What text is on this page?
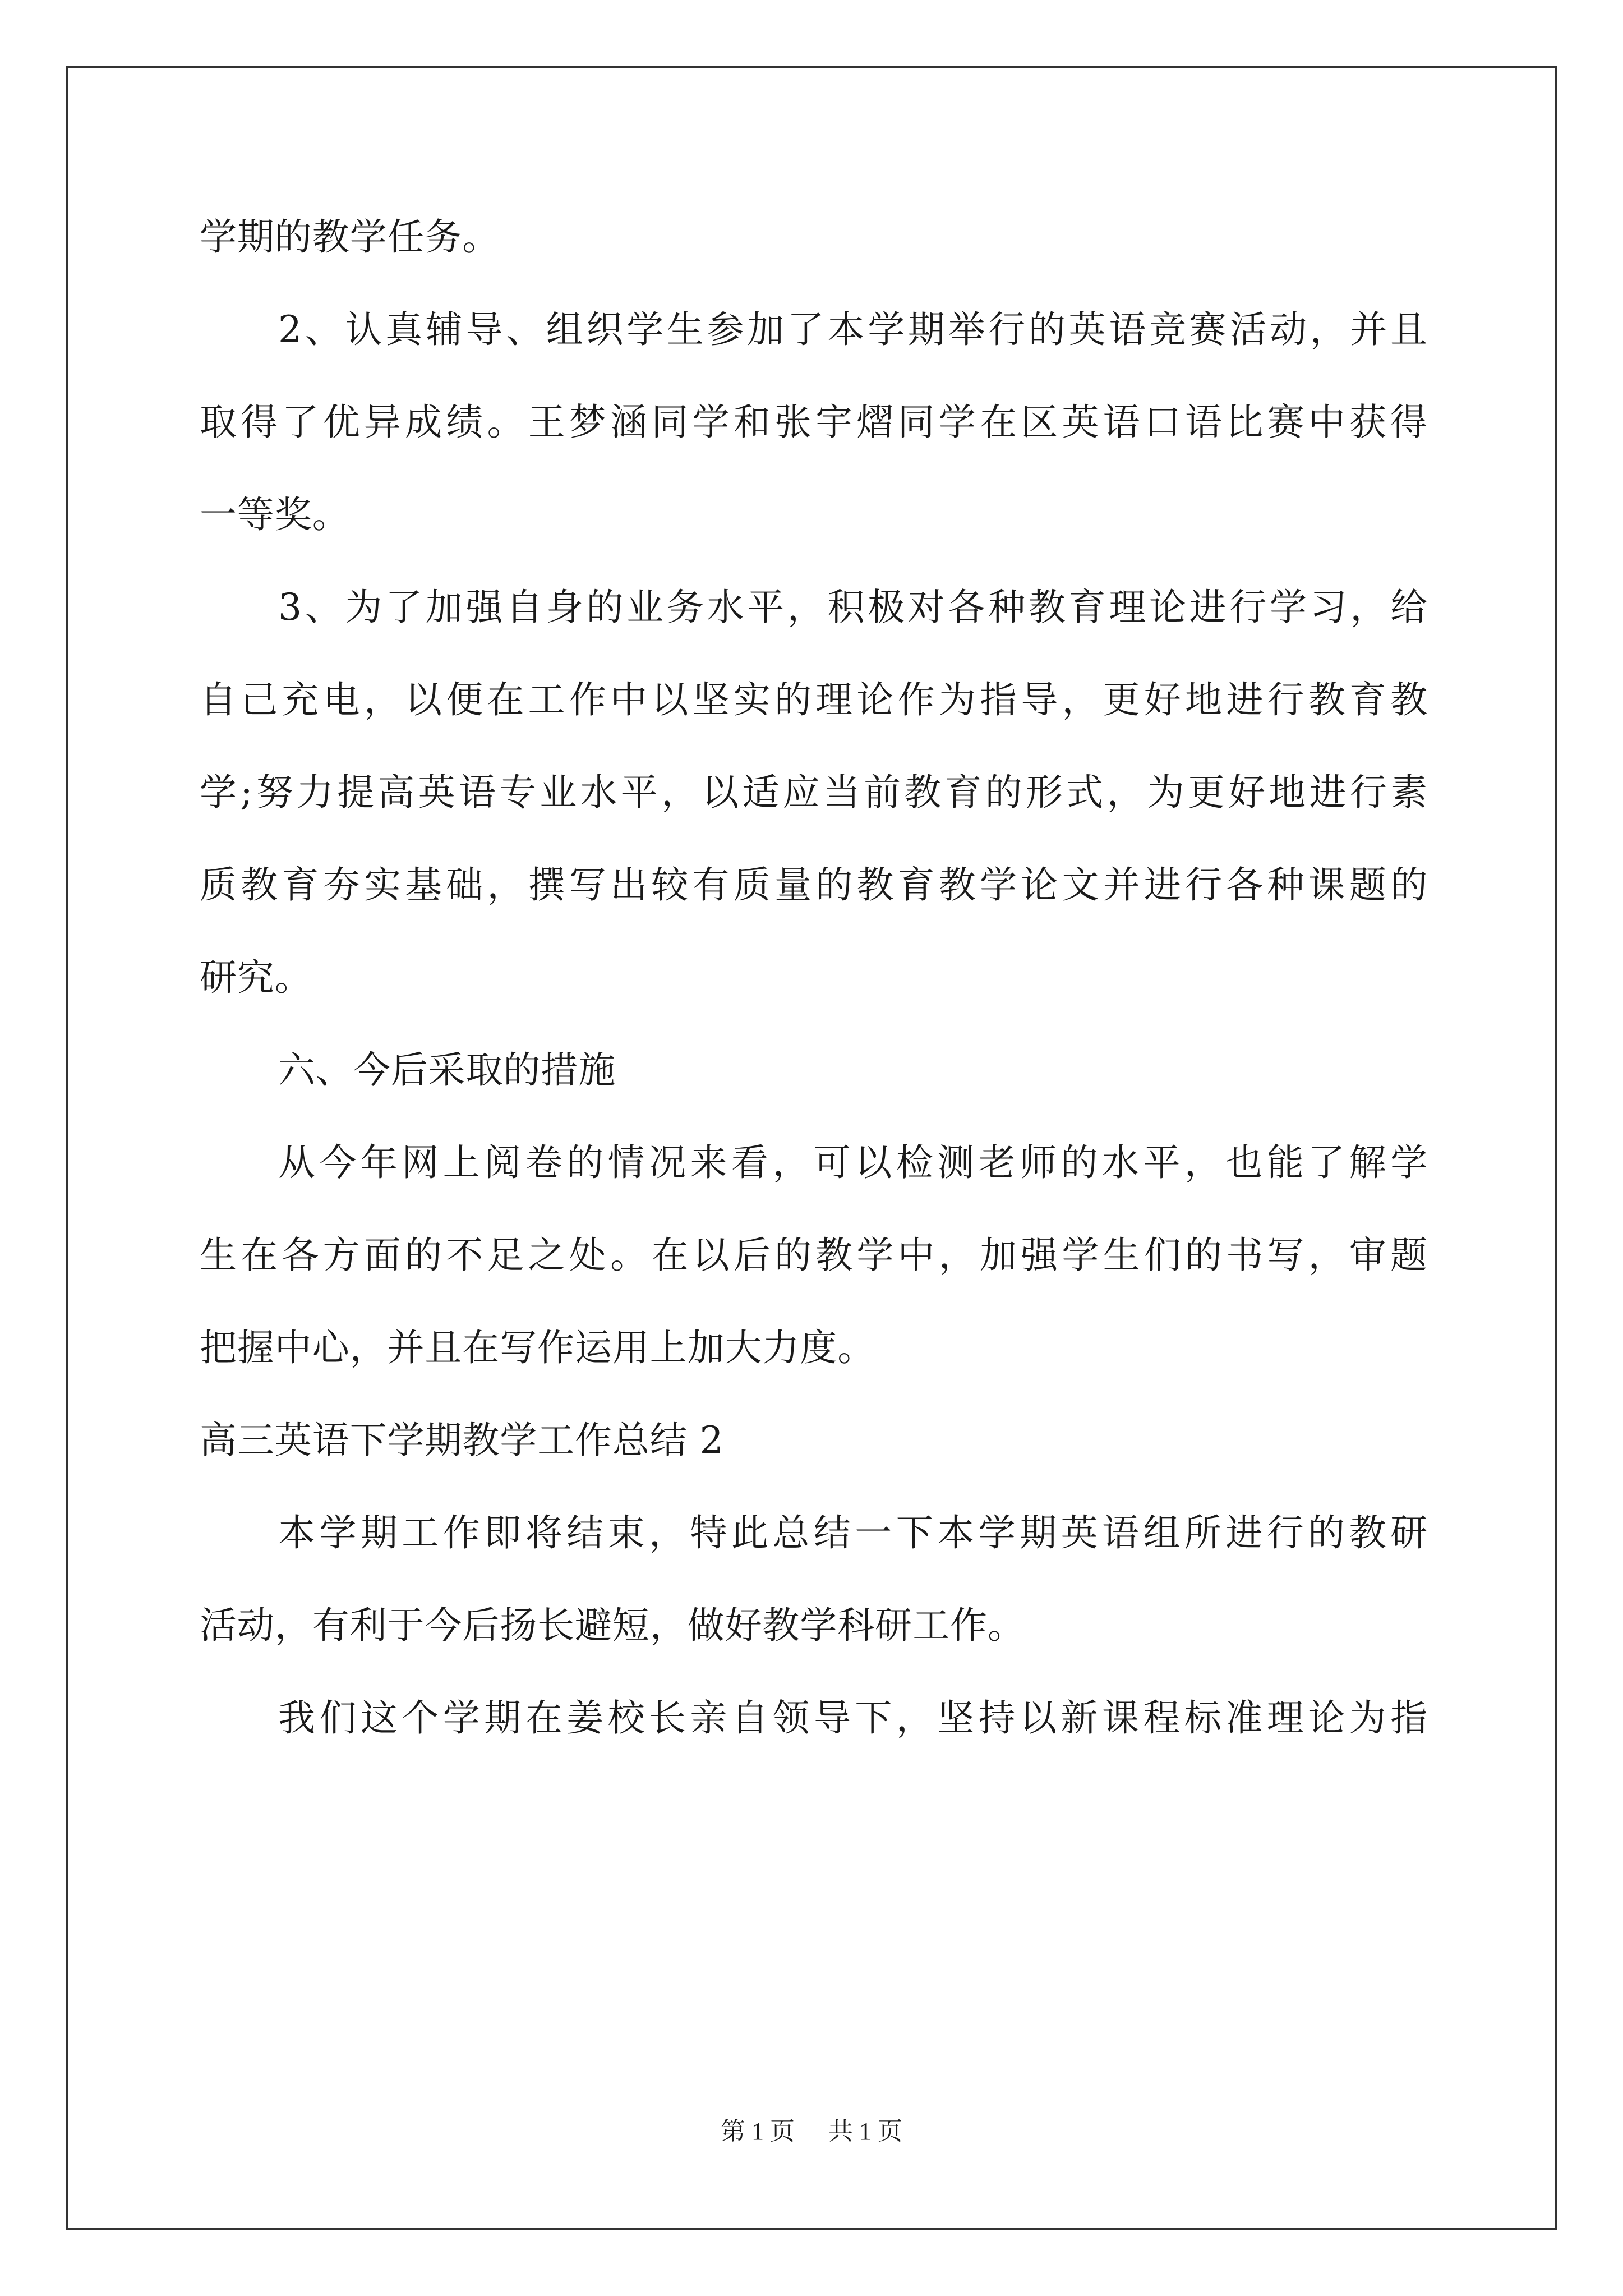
学期的教学任务。
2、认真辅导、组织学生参加了本学期举行的英语竞赛活动，并且
取得了优异成绩。王梦涵同学和张宇熠同学在区英语口语比赛中获得
一等奖。
3、为了加强自身的业务水平，积极对各种教育理论进行学习，给
自己充电，以便在工作中以坚实的理论作为指导，更好地进行教育教
学;努力提高英语专业水平，以适应当前教育的形式，为更好地进行素
质教育夯实基础，撰写出较有质量的教育教学论文并进行各种课题的
研究。
六、今后采取的措施
从今年网上阅卷的情况来看，可以检测老师的水平，也能了解学
生在各方面的不足之处。在以后的教学中，加强学生们的书写，审题
把握中心，并且在写作运用上加大力度。
高三英语下学期教学工作总结 2
本学期工作即将结束，特此总结一下本学期英语组所进行的教研
活动，有利于今后扬长避短，做好教学科研工作。
我们这个学期在姜校长亲自领导下，坚持以新课程标准理论为指
第 1 页 共 1 页
